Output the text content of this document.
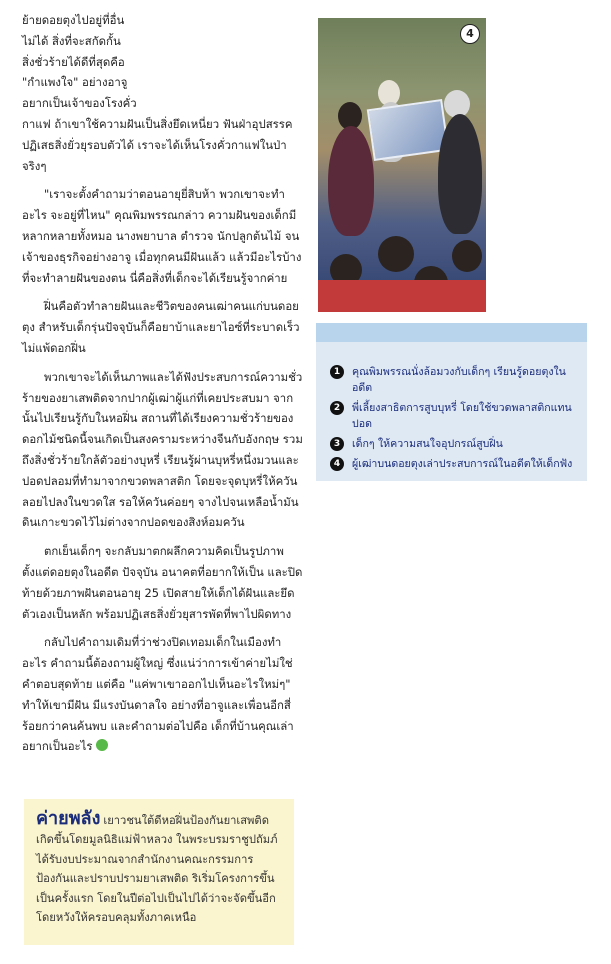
ย้ายดอยตุงไปอยู่ที่อื่น

ไม่ได้ สิ่งที่จะสกัดกั้น

สิ่งชั่วร้ายได้ดีที่สุดคือ

"กำแพงใจ" อย่างอาจู

อยากเป็นเจ้าของโรงคั่ว

กาแฟ ถ้าเขาใช้ความฝันเป็นสิ่งยึดเหนี่ยว ฟันฝ่าอุปสรรค ปฏิเสธสิ่งยั่วยุรอบตัวได้ เราจะได้เห็นโรงคั่วกาแฟในป่าจริงๆ

"เราจะตั้งคำถามว่าตอนอายุยี่สิบห้า พวกเขาจะทำอะไร จะอยู่ที่ไหน" คุณพิมพรรณกล่าว ความฝันของเด็กมีหลากหลายทั้งหมอ นางพยาบาล ตำรวจ นักปลูกต้นไม้ จนเจ้าของธุรกิจอย่างอาจู เมื่อทุกคนมีฝันแล้ว แล้วมีอะไรบ้างที่จะทำลายฝันของตน นี่คือสิ่งที่เด็กจะได้เรียนรู้จากค่าย

ฝิ่นคือตัวทำลายฝันและชีวิตของคนเฒ่าคนแก่บนดอยตุง สำหรับเด็กรุ่นปัจจุบันก็คือยาบ้าและยาไอซ์ที่ระบาดเร็วไม่แพ้ดอกฝิ่น

พวกเขาจะได้เห็นภาพและได้ฟังประสบการณ์ความชั่วร้ายของยาเสพติดจากปากผู้เฒ่าผู้แก่ที่เคยประสบมา จากนั้นไปเรียนรู้กับในหอฝิ่น สถานที่ได้เรียงความชั่วร้ายของดอกไม้ชนิดนี้จนเกิดเป็นสงครามระหว่างจีนกับอังกฤษ รวมถึงสิ่งชั่วร้ายใกล้ตัวอย่างบุหรี่ เรียนรู้ผ่านบุหรี่หนึ่งมวนและปอดปลอมที่ทำมาจากขวดพลาสติก โดยจะจุดบุหรี่ให้ควันลอยไปลงในขวดใส รอให้ควันค่อยๆ จางไปจนเหลือน้ำมันดินเกาะขวดไว้ไม่ต่างจากปอดของสิงห์อมควัน

ตกเย็นเด็กๆ จะกลับมาตกผลึกความคิดเป็นรูปภาพตั้งแต่ดอยตุงในอดีต ปัจจุบัน อนาคตที่อยากให้เป็น และปิดท้ายด้วยภาพฝันตอนอายุ 25 เปิดสายให้เด็กได้ฝันและยึดตัวเองเป็นหลัก พร้อมปฏิเสธสิ่งยั่วยุสารพัดที่พาไปผิดทาง

กลับไปคำถามเดิมที่ว่าช่วงปิดเทอมเด็กในเมืองทำอะไร คำถามนี้ต้องถามผู้ใหญ่ ซึ่งแน่ว่าการเข้าค่ายไม่ใช่คำตอบสุดท้าย แต่คือ "แค่พาเขาออกไปเห็นอะไรใหม่ๆ" ทำให้เขามีฝัน มีแรงบันดาลใจ อย่างที่อาจูและเพื่อนอีกสี่ร้อยกว่าคนค้นพบ และคำถามต่อไปคือ เด็กที่บ้านคุณเล่าอยากเป็นอะไร

4
1	คุณพิมพรรณนั่งล้อมวงกับเด็กๆ เรียนรู้ดอยตุงในอดีต
2	พี่เลี้ยงสาธิตการสูบบุหรี่ โดยใช้ขวดพลาสติกแทนปอด
3	เด็กๆ ให้ความสนใจอุปกรณ์สูบฝิ่น
4	ผู้เฒ่าบนดอยตุงเล่าประสบการณ์ในอดีตให้เด็กฟัง

ค่ายพลัง เยาวชนใต้ดีหอฝิ่นป้องกันยาเสพติด เกิดขึ้นโดยมูลนิธิแม่ฟ้าหลวง ในพระบรมราชูปถัมภ์ ได้รับงบประมาณจากสำนักงานคณะกรรมการป้องกันและปราบปรามยาเสพติด ริเริ่มโครงการขึ้นเป็นครั้งแรก โดยในปีต่อไปเป็นไปได้ว่าจะจัดขึ้นอีกโดยหวังให้ครอบคลุมทั้งภาคเหนือ
